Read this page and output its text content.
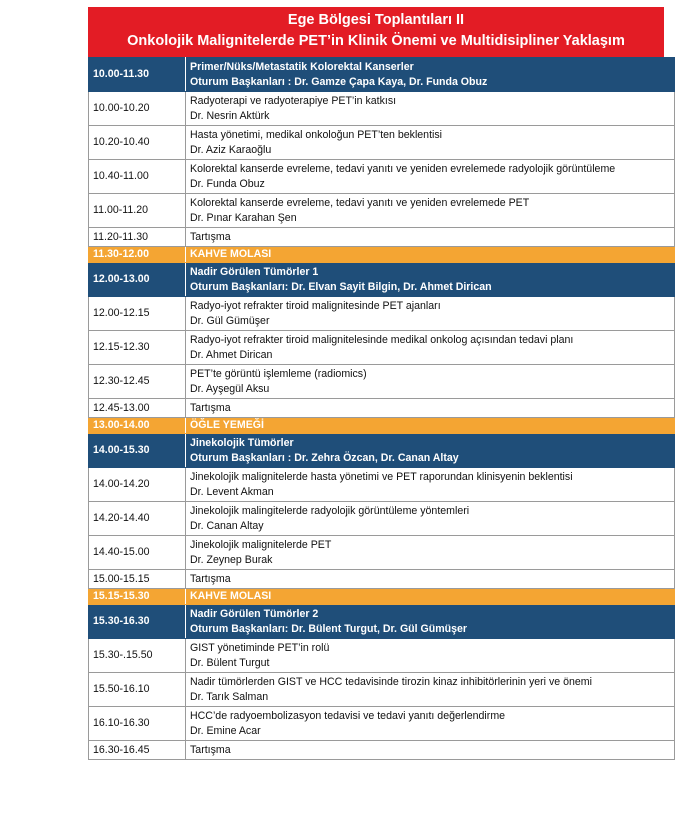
Ege Bölgesi Toplantıları II
Onkolojik Malignitelerde PET’in Klinik Önemi ve Multidisipliner Yaklaşım
10.00-11.30	Primer/Nüks/Metastatik Kolorektal Kanserler
Oturum Başkanları : Dr. Gamze Çapa Kaya, Dr. Funda Obuz

10.00-10.20	Radyoterapi ve radyoterapiye PET’in katkısı
Dr. Nesrin Aktürk

10.20-10.40	Hasta yönetimi, medikal onkoloğun PET’ten beklentisi
Dr. Aziz Karaoğlu

10.40-11.00	Kolorektal kanserde evreleme, tedavi yanıtı ve yeniden evrelemede radyolojik görüntüleme
Dr. Funda Obuz

11.00-11.20	Kolorektal kanserde evreleme, tedavi yanıtı ve yeniden evrelemede PET
Dr. Pınar Karahan Şen

11.20-11.30	Tartışma

11.30-12.00	KAHVE MOLASI

12.00-13.00	Nadir Görülen Tümörler 1
Oturum Başkanları: Dr. Elvan Sayit Bilgin, Dr. Ahmet Dirican

12.00-12.15	Radyo-iyot refrakter tiroid malignitesinde PET ajanları
Dr. Gül Gümüşer

12.15-12.30	Radyo-iyot refrakter tiroid malignitelesinde medikal onkolog açısından tedavi planı
Dr. Ahmet Dirican

12.30-12.45	PET’te görüntü işlemleme (radiomics)
Dr. Ayşegül Aksu

12.45-13.00	Tartışma

13.00-14.00	ÖĞLE YEMEĞİ

14.00-15.30	Jinekolojik Tümörler
Oturum Başkanları : Dr. Zehra Özcan, Dr. Canan Altay

14.00-14.20	Jinekolojik malignitelerde hasta yönetimi ve PET raporundan klinisyenin beklentisi
Dr. Levent Akman

14.20-14.40	Jinekolojik malingitelerde radyolojik görüntüleme yöntemleri
Dr. Canan Altay

14.40-15.00	Jinekolojik malignitelerde PET
Dr. Zeynep Burak

15.00-15.15	Tartışma

15.15-15.30	KAHVE MOLASI

15.30-16.30	Nadir Görülen Tümörler 2
Oturum Başkanları: Dr. Bülent Turgut, Dr. Gül Gümüşer

15.30-.15.50	GIST yönetiminde PET’in rolü
Dr. Bülent Turgut

15.50-16.10	Nadir tümörlerden GIST ve HCC tedavisinde tirozin kinaz inhibitörlerinin yeri ve önemi
Dr. Tarık Salman

16.10-16.30	HCC’de radyoembolizasyon tedavisi ve tedavi yanıtı değerlendirme
Dr. Emine Acar

16.30-16.45	Tartışma
